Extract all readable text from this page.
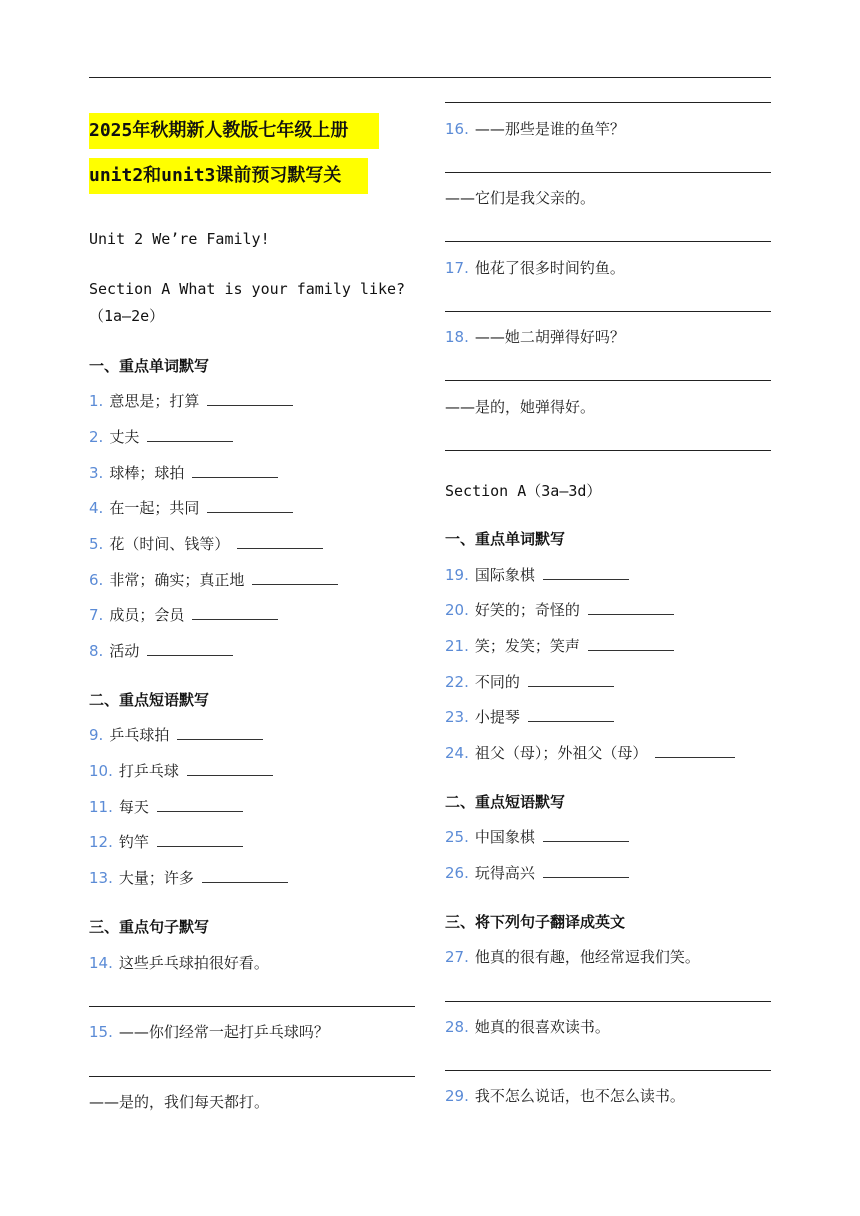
2025年秋期新人教版七年级上册
unit2和unit3课前预习默写关
Unit 2 We’re Family!
Section A What is your family like?
（1a—2e）
一、重点单词默写
1. 意思是；打算
2. 丈夫
3. 球棒；球拍
4. 在一起；共同
5. 花（时间、钱等）
6. 非常；确实；真正地
7. 成员；会员
8. 活动
二、重点短语默写
9. 乒乓球拍
10. 打乒乓球
11. 每天
12. 钓竿
13. 大量；许多
三、重点句子默写
14. 这些乒乓球拍很好看。
15. ——你们经常一起打乒乓球吗？
——是的，我们每天都打。
16. ——那些是谁的鱼竿？
——它们是我父亲的。
17. 他花了很多时间钓鱼。
18. ——她二胡弹得好吗？
——是的，她弹得好。
Section A（3a—3d）
一、重点单词默写
19. 国际象棋
20. 好笑的；奇怪的
21. 笑；发笑；笑声
22. 不同的
23. 小提琴
24. 祖父（母）；外祖父（母）
二、重点短语默写
25. 中国象棋
26. 玩得高兴
三、将下列句子翻译成英文
27. 他真的很有趣，他经常逗我们笑。
28. 她真的很喜欢读书。
29. 我不怎么说话，也不怎么读书。
